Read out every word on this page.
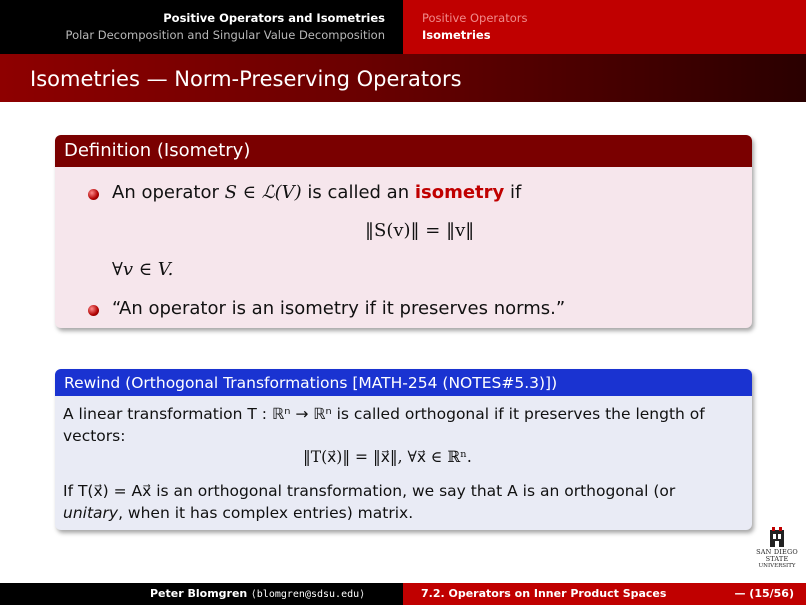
Positive Operators and Isometries
Polar Decomposition and Singular Value Decomposition
Positive Operators
Isometries
Isometries — Norm-Preserving Operators
Definition (Isometry)
An operator S ∈ ℒ(V) is called an isometry if
‖S(v)‖ = ‖v‖
∀v ∈ V.
“An operator is an isometry if it preserves norms.”
Rewind (Orthogonal Transformations [MATH-254 (NOTES#5.3)])
A linear transformation T : ℝⁿ → ℝⁿ is called orthogonal if it preserves the length of
vectors:
‖T(x⃗)‖ = ‖x⃗‖, ∀x⃗ ∈ ℝⁿ.
If T(x⃗) = Ax⃗ is an orthogonal transformation, we say that A is an orthogonal (or
unitary, when it has complex entries) matrix.
SAN DIEGO STATE
UNIVERSITY
Peter Blomgren ⟨blomgren@sdsu.edu⟩	7.2. Operators on Inner Product Spaces	— (15/56)
